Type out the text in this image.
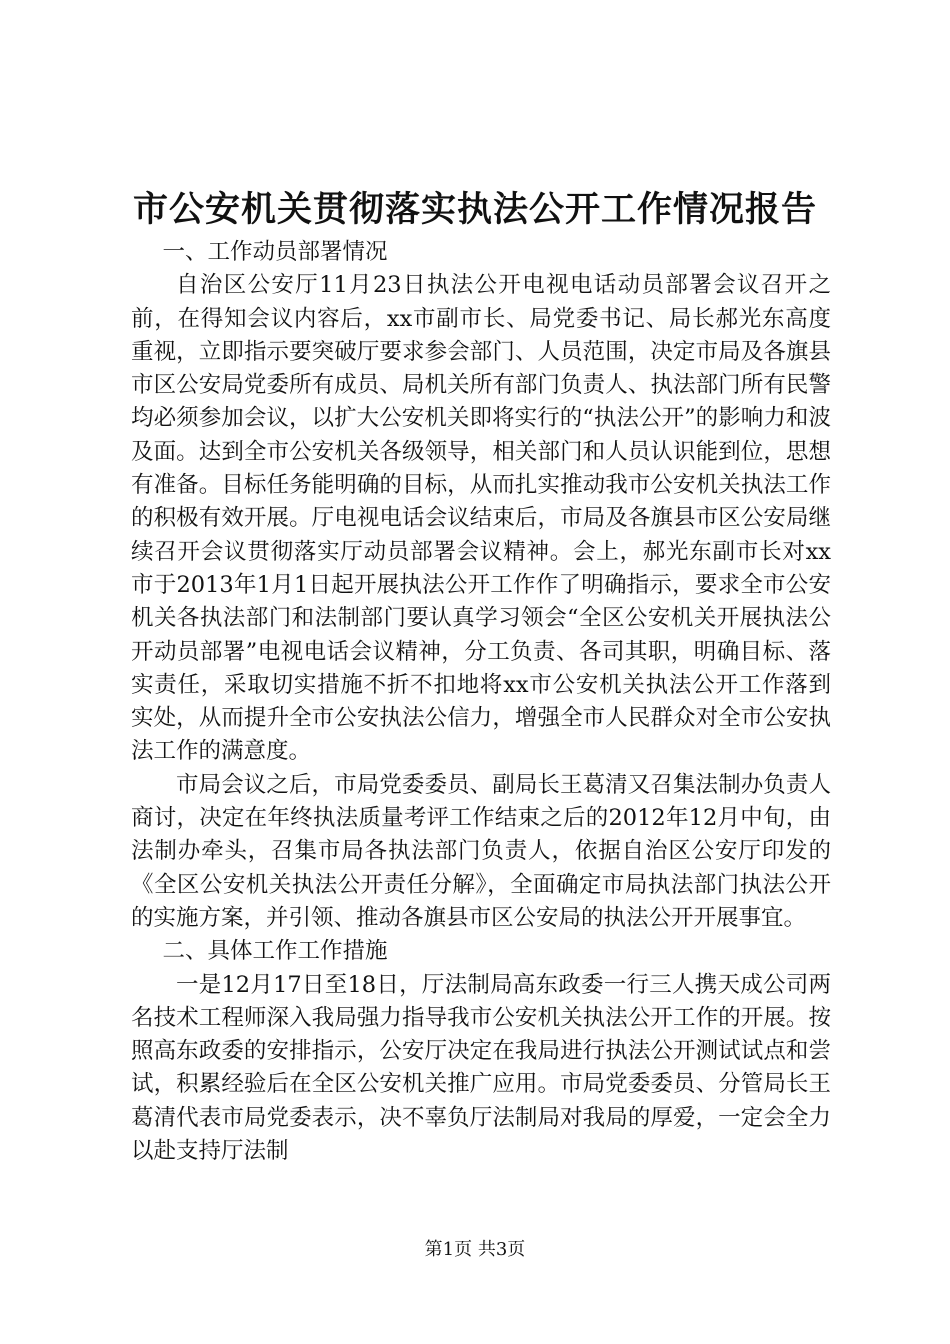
市公安机关贯彻落实执法公开工作情况报告

一、工作动员部署情况

自治区公安厅11月23日执法公开电视电话动员部署会议召开之前，在得知会议内容后，xx市副市长、局党委书记、局长郝光东高度重视，立即指示要突破厅要求参会部门、人员范围，决定市局及各旗县市区公安局党委所有成员、局机关所有部门负责人、执法部门所有民警均必须参加会议，以扩大公安机关即将实行的“执法公开”的影响力和波及面。达到全市公安机关各级领导，相关部门和人员认识能到位，思想有准备。目标任务能明确的目标，从而扎实推动我市公安机关执法工作的积极有效开展。厅电视电话会议结束后，市局及各旗县市区公安局继续召开会议贯彻落实厅动员部署会议精神。会上，郝光东副市长对xx市于2013年1月1日起开展执法公开工作作了明确指示，要求全市公安机关各执法部门和法制部门要认真学习领会“全区公安机关开展执法公开动员部署”电视电话会议精神，分工负责、各司其职，明确目标、落实责任，采取切实措施不折不扣地将xx市公安机关执法公开工作落到实处，从而提升全市公安执法公信力，增强全市人民群众对全市公安执法工作的满意度。

市局会议之后，市局党委委员、副局长王葛清又召集法制办负责人商讨，决定在年终执法质量考评工作结束之后的2012年12月中旬，由法制办牵头，召集市局各执法部门负责人，依据自治区公安厅印发的《全区公安机关执法公开责任分解》，全面确定市局执法部门执法公开的实施方案，并引领、推动各旗县市区公安局的执法公开开展事宜。

二、具体工作工作措施

一是12月17日至18日，厅法制局高东政委一行三人携天成公司两名技术工程师深入我局强力指导我市公安机关执法公开工作的开展。按照高东政委的安排指示，公安厅决定在我局进行执法公开测试试点和尝试，积累经验后在全区公安机关推广应用。市局党委委员、分管局长王葛清代表市局党委表示，决不辜负厅法制局对我局的厚爱，一定会全力以赴支持厅法制

第1页 共3页
